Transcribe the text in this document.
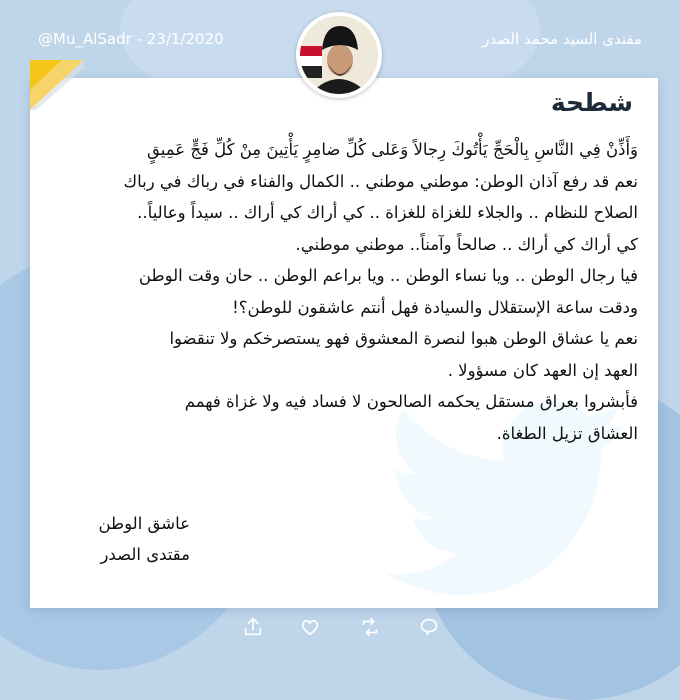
@Mu_AlSadr - 23/1/2020	مقتدى السيد محمد الصدر
شطحة
وَأَذِّنْ فِي النَّاسِ بِالْحَجِّ يَأْتُوكَ رِجالاً وَعَلى كُلِّ ضامِرٍ يَأْتِينَ مِنْ كُلِّ فَجٍّ عَمِيقٍ
نعم قد رفع آذان الوطن: موطني موطني .. الكمال والفناء في رباك في رباك
الصلاح للنظام .. والجلاء للغزاة للغزاة .. كي أراك كي أراك .. سيداً وعالياً..
كي أراك كي أراك .. صالحاً وآمناً.. موطني موطني.
فيا رجال الوطن .. ويا نساء الوطن .. ويا براعم الوطن .. حان وقت الوطن
ودقت ساعة الإستقلال والسيادة فهل أنتم عاشقون للوطن؟!
نعم يا عشاق الوطن هبوا لنصرة المعشوق فهو يستصرخكم ولا تنقضوا
العهد إن العهد كان مسؤولا .
فأبشروا بعراق مستقل يحكمه الصالحون لا فساد فيه ولا غزاة فهمم
العشاق تزيل الطغاة.
عاشق الوطن
مقتدى الصدر
